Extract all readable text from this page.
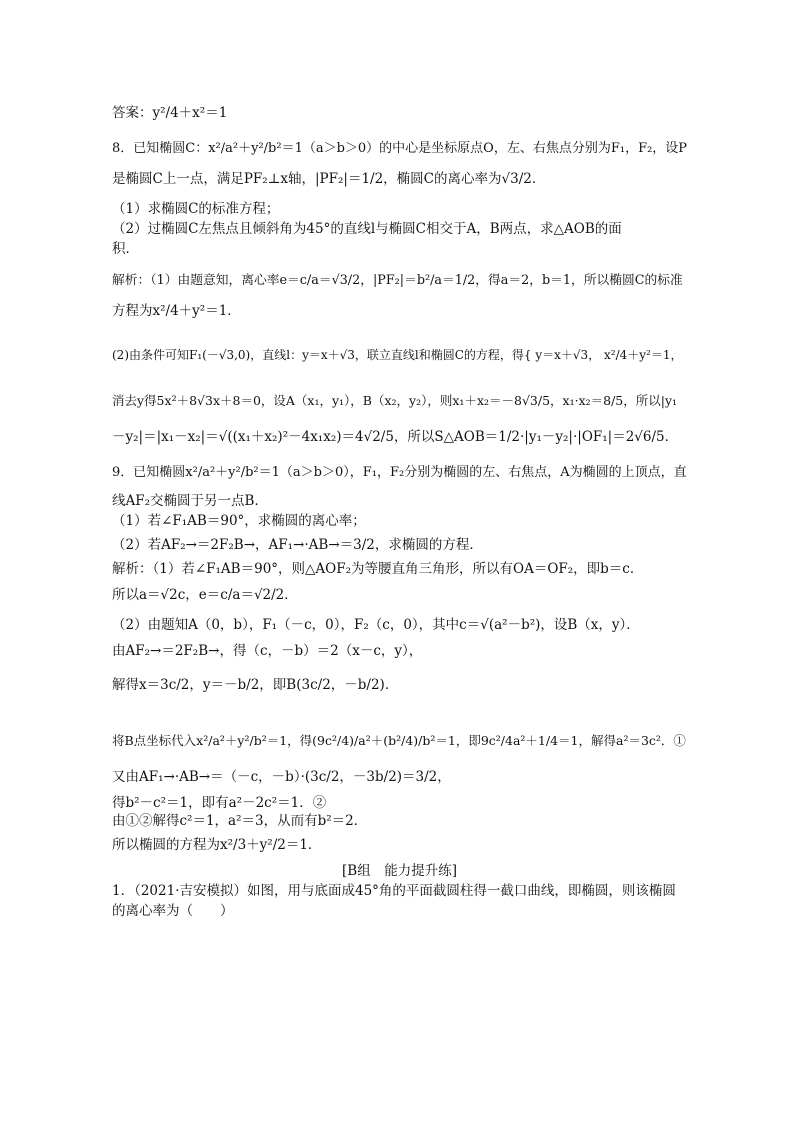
答案：y²/4＋x²＝1
8．已知椭圆C：x²/a²＋y²/b²＝1（a＞b＞0）的中心是坐标原点O，左、右焦点分别为F₁，F₂，设P
是椭圆C上一点，满足PF₂⊥x轴，|PF₂|＝1/2，椭圆C的离心率为√3/2．
（1）求椭圆C的标准方程；
（2）过椭圆C左焦点且倾斜角为45°的直线l与椭圆C相交于A，B两点，求△AOB的面
积．
解析：（1）由题意知，离心率e＝c/a＝√3/2，|PF₂|＝b²/a＝1/2，得a＝2，b＝1，所以椭圆C的标准
方程为x²/4＋y²＝1．
(2)由条件可知F₁(－√3,0)，直线l：y＝x＋√3，联立直线l和椭圆C的方程，得{ y＝x＋√3， x²/4＋y²＝1，
消去y得5x²＋8√3x＋8＝0，设A（x₁，y₁），B（x₂，y₂），则x₁＋x₂＝－8√3/5，x₁·x₂＝8/5，所以|y₁
－y₂|＝|x₁－x₂|＝√((x₁＋x₂)²－4x₁x₂)＝4√2/5，所以S△AOB＝1/2·|y₁－y₂|·|OF₁|＝2√6/5．
9．已知椭圆x²/a²＋y²/b²＝1（a＞b＞0），F₁，F₂分别为椭圆的左、右焦点，A为椭圆的上顶点，直
线AF₂交椭圆于另一点B．
（1）若∠F₁AB＝90°，求椭圆的离心率；
（2）若AF₂→＝2F₂B→，AF₁→·AB→＝3/2，求椭圆的方程．
解析：（1）若∠F₁AB＝90°，则△AOF₂为等腰直角三角形，所以有OA＝OF₂，即b＝c．
所以a＝√2c，e＝c/a＝√2/2．
（2）由题知A（0，b），F₁（－c，0），F₂（c，0），其中c＝√(a²－b²)，设B（x，y）．
由AF₂→＝2F₂B→，得（c，－b）＝2（x－c，y），
解得x＝3c/2，y＝－b/2，即B(3c/2，－b/2)．
将B点坐标代入x²/a²＋y²/b²＝1，得(9c²/4)/a²＋(b²/4)/b²＝1，即9c²/4a²＋1/4＝1，解得a²＝3c²．①
又由AF₁→·AB→＝（－c，－b）·(3c/2，－3b/2)＝3/2，
得b²－c²＝1，即有a²－2c²＝1．②
由①②解得c²＝1，a²＝3，从而有b²＝2．
所以椭圆的方程为x²/3＋y²/2＝1．
[B组　能力提升练]
1．（2021·吉安模拟）如图，用与底面成45°角的平面截圆柱得一截口曲线，即椭圆，则该椭圆
的离心率为（　　）
